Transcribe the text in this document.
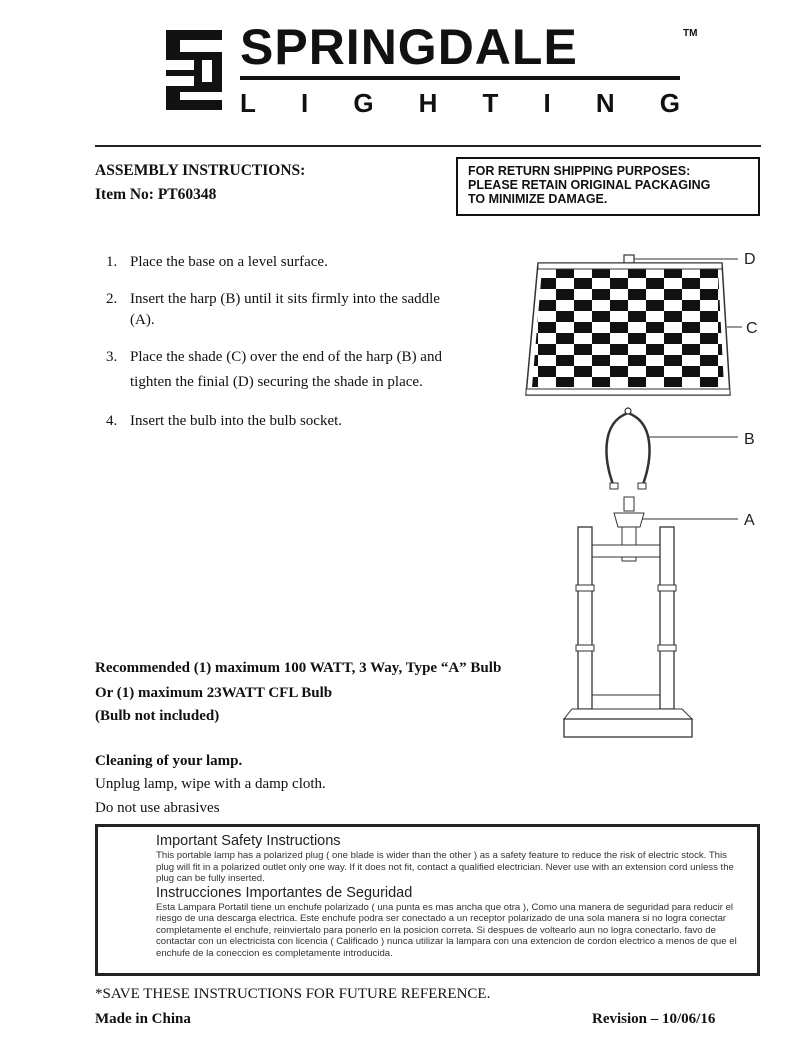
SPRINGDALE	TM
L I G H T I N G
ASSEMBLY INSTRUCTIONS:
Item No: PT60348
FOR RETURN SHIPPING PURPOSES:
PLEASE RETAIN ORIGINAL PACKAGING
TO MINIMIZE DAMAGE.
1. Place the base on a level surface.
2. Insert the harp (B) until it sits firmly into the saddle (A).
3. Place the shade (C) over the end of the harp (B) and tighten the finial (D) securing the shade in place.
4. Insert the bulb into the bulb socket.
D
C
B
A
Recommended (1) maximum 100 WATT, 3 Way, Type “A” Bulb
Or (1) maximum 23WATT CFL Bulb
(Bulb not included)
Cleaning of your lamp.
Unplug lamp, wipe with a damp cloth.
Do not use abrasives
Important Safety Instructions
This portable lamp has a polarized plug ( one blade is wider than the other ) as a safety feature to reduce the risk of electric stock. This plug will fit in a polarized outlet only one way. If it does not fit, contact a qualified electrician. Never use with an extension cord unless the plug can be fully inserted.
Instrucciones Importantes de Seguridad
Esta Lampara Portatil tiene un enchufe polarizado ( una punta es mas ancha que otra ), Como una manera de seguridad para reducir el riesgo de una descarga electrica. Este enchufe podra ser conectado a un receptor polarizado de una sola manera si no logra conectar completamente el enchufe, reinviertalo para ponerlo en la posicion correta. Si despues de voltearlo aun no logra conectarlo. favo de contactar con un electricista con licencia ( Calificado ) nunca utilizar la lampara con una extencion de cordon electrico a menos de que el enchufe de la coneccion es completamente introducida.
*SAVE THESE INSTRUCTIONS FOR FUTURE REFERENCE.
Made in China	Revision – 10/06/16
